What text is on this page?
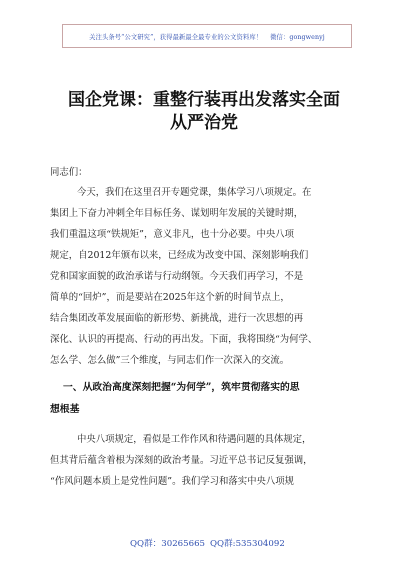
关注头条号“公文研究”，获得最新最全最专业的公文资料库！ 微信：gongwenyj
国企党课：重整行装再出发落实全面
从严治党
同志们：
今天，我们在这里召开专题党课，集体学习八项规定。在
集团上下奋力冲刺全年目标任务、谋划明年发展的关键时期，
我们重温这项“铁规矩”，意义非凡，也十分必要。中央八项
规定，自2012年颁布以来，已经成为改变中国、深刻影响我们
党和国家面貌的政治承诺与行动纲领。今天我们再学习，不是
简单的“回炉”，而是要站在2025年这个新的时间节点上，
结合集团改革发展面临的新形势、新挑战，进行一次思想的再
深化、认识的再提高、行动的再出发。下面，我将围绕“为何学、
怎么学、怎么做”三个维度，与同志们作一次深入的交流。
一、从政治高度深刻把握“为何学”，筑牢贯彻落实的思
想根基
中央八项规定，看似是工作作风和待遇问题的具体规定，
但其背后蕴含着根为深刻的政治考量。习近平总书记反复强调，
“作风问题本质上是党性问题”。我们学习和落实中央八项规
QQ群：30265665 QQ群:535304092
